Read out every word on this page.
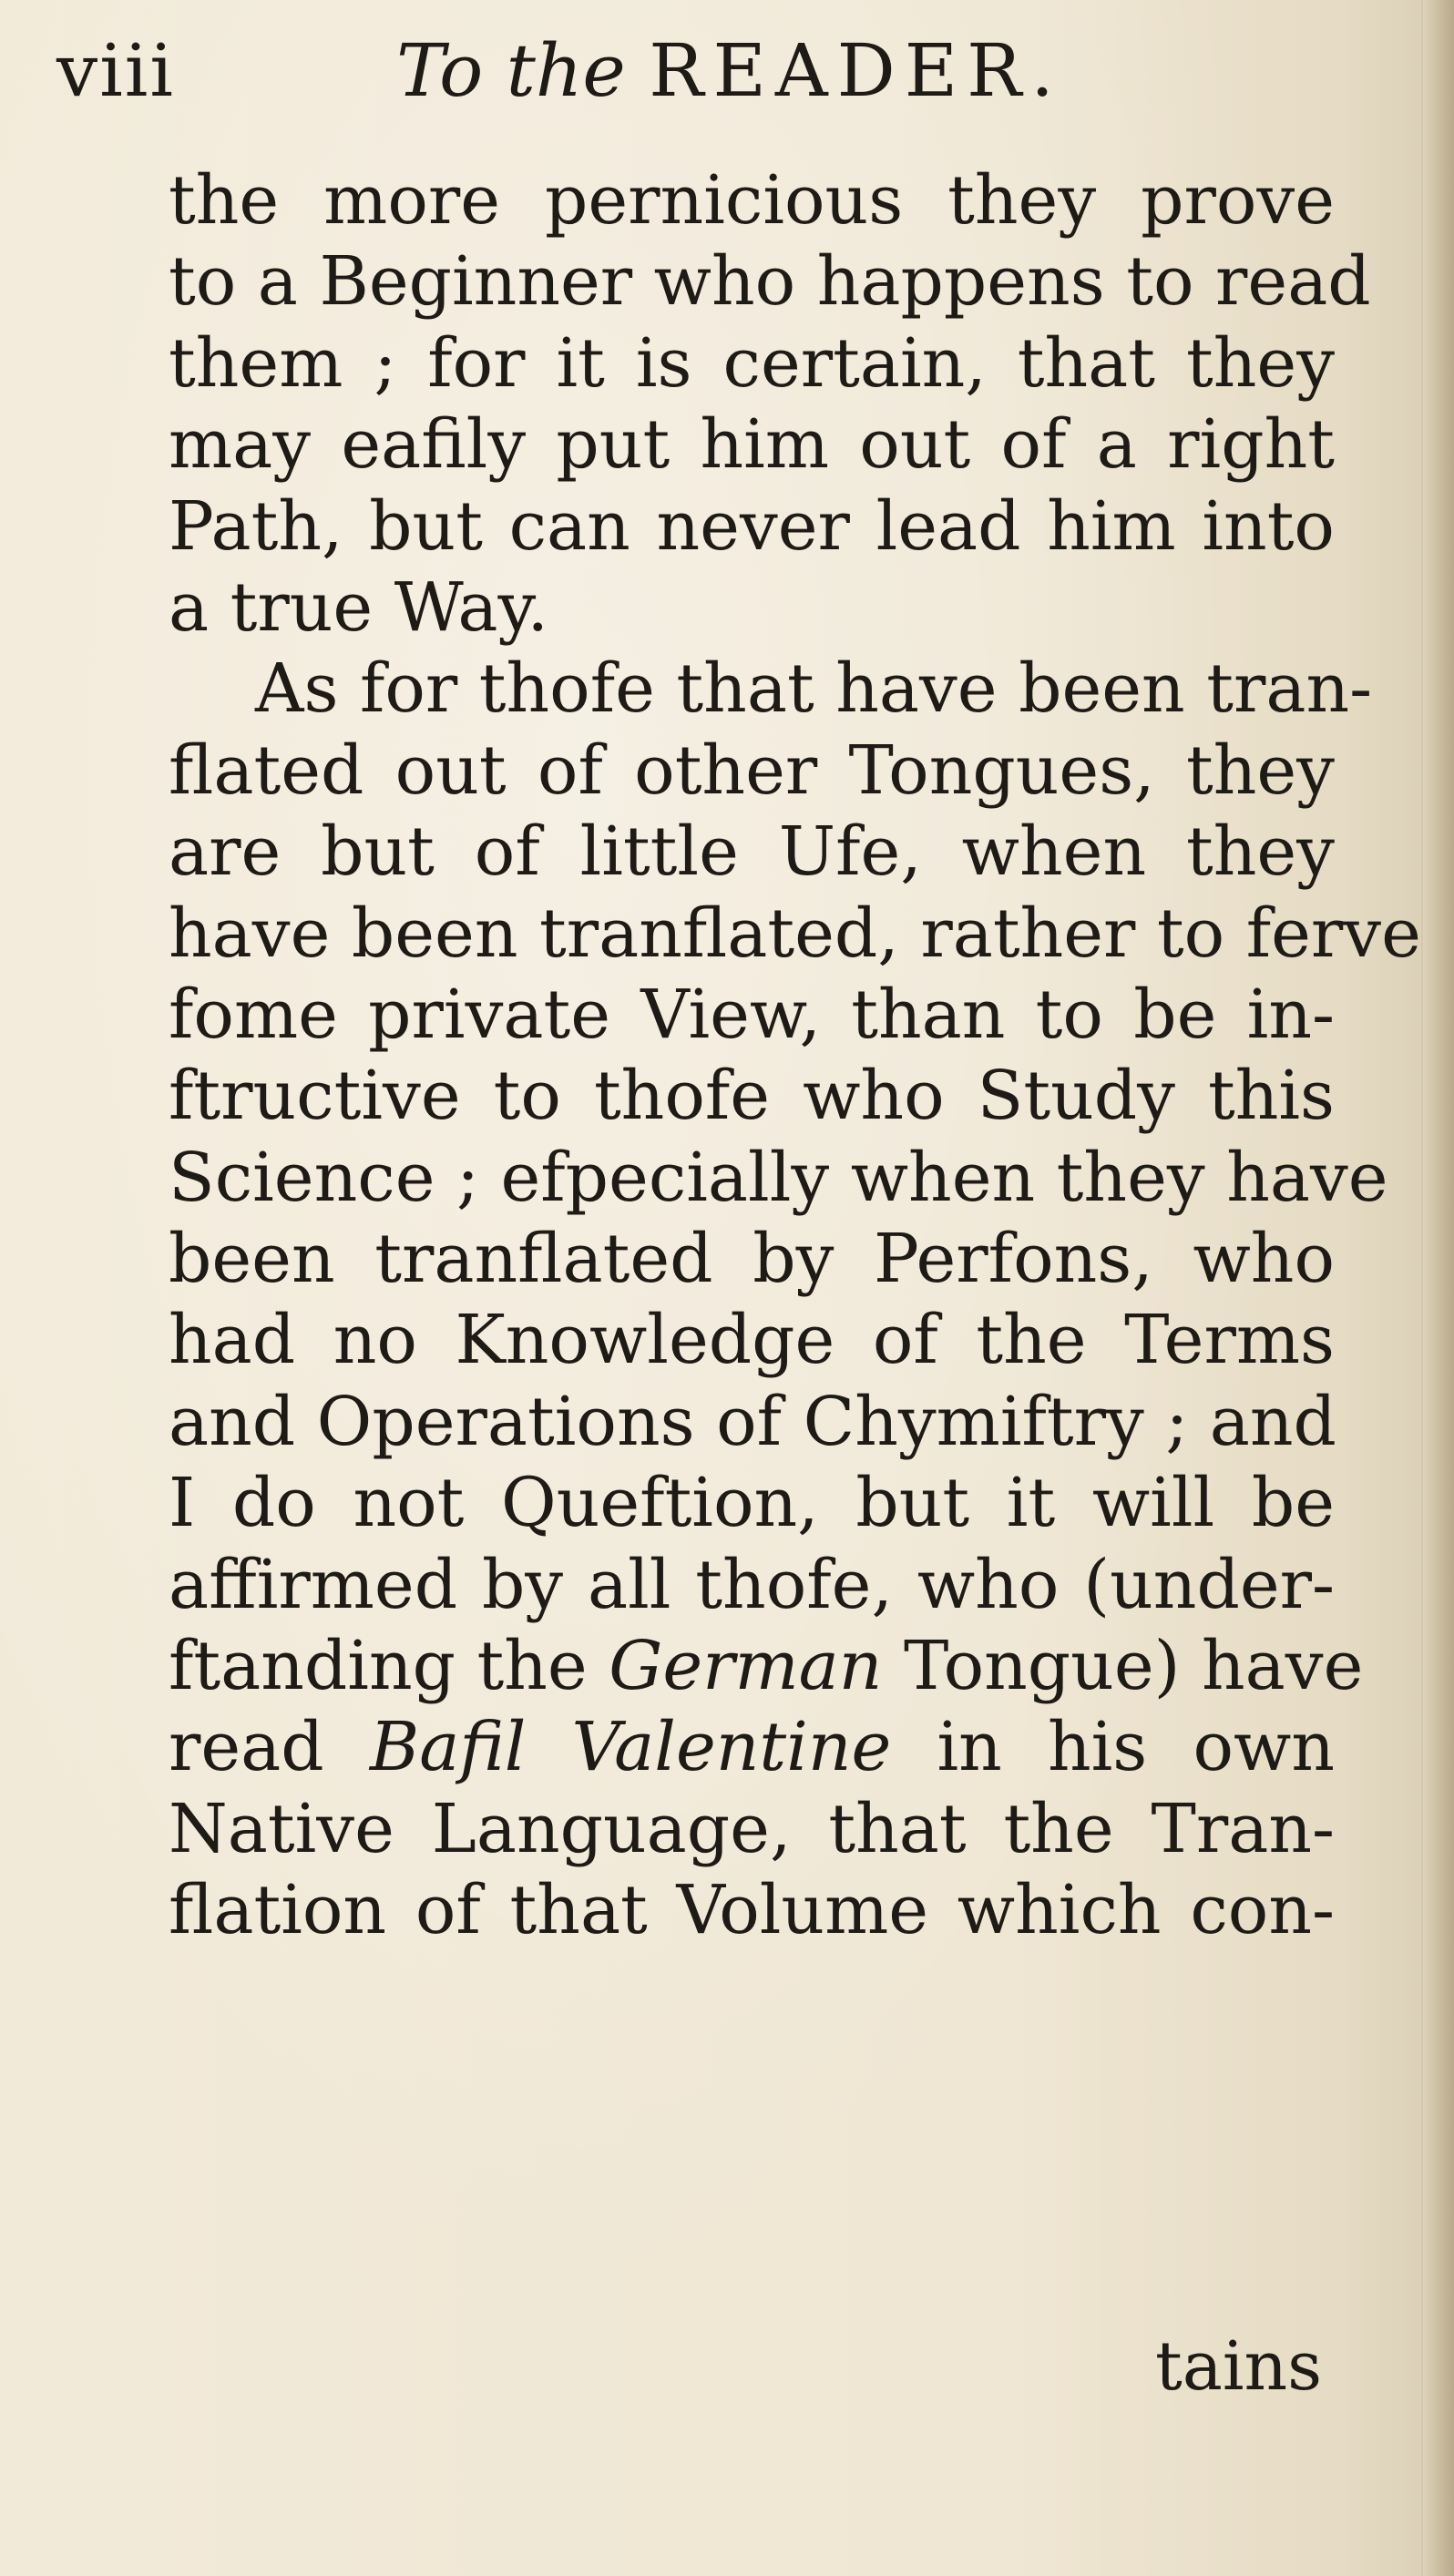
viii	To the READER.
the more pernicious they prove
to a Beginner who happens to read
them ; for it is certain, that they
may eafily put him out of a right
Path, but can never lead him into
a true Way.
As for thofe that have been tran-
flated out of other Tongues, they
are but of little Ufe, when they
have been tranflated, rather to ferve
fome private View, than to be in-
ftructive to thofe who Study this
Science ; efpecially when they have
been tranflated by Perfons, who
had no Knowledge of the Terms
and Operations of Chymiftry ; and
I do not Queftion, but it will be
affirmed by all thofe, who (under-
ftanding the German Tongue) have
read Bafil Valentine in his own
Native Language, that the Tran-
flation of that Volume which con-
tains
